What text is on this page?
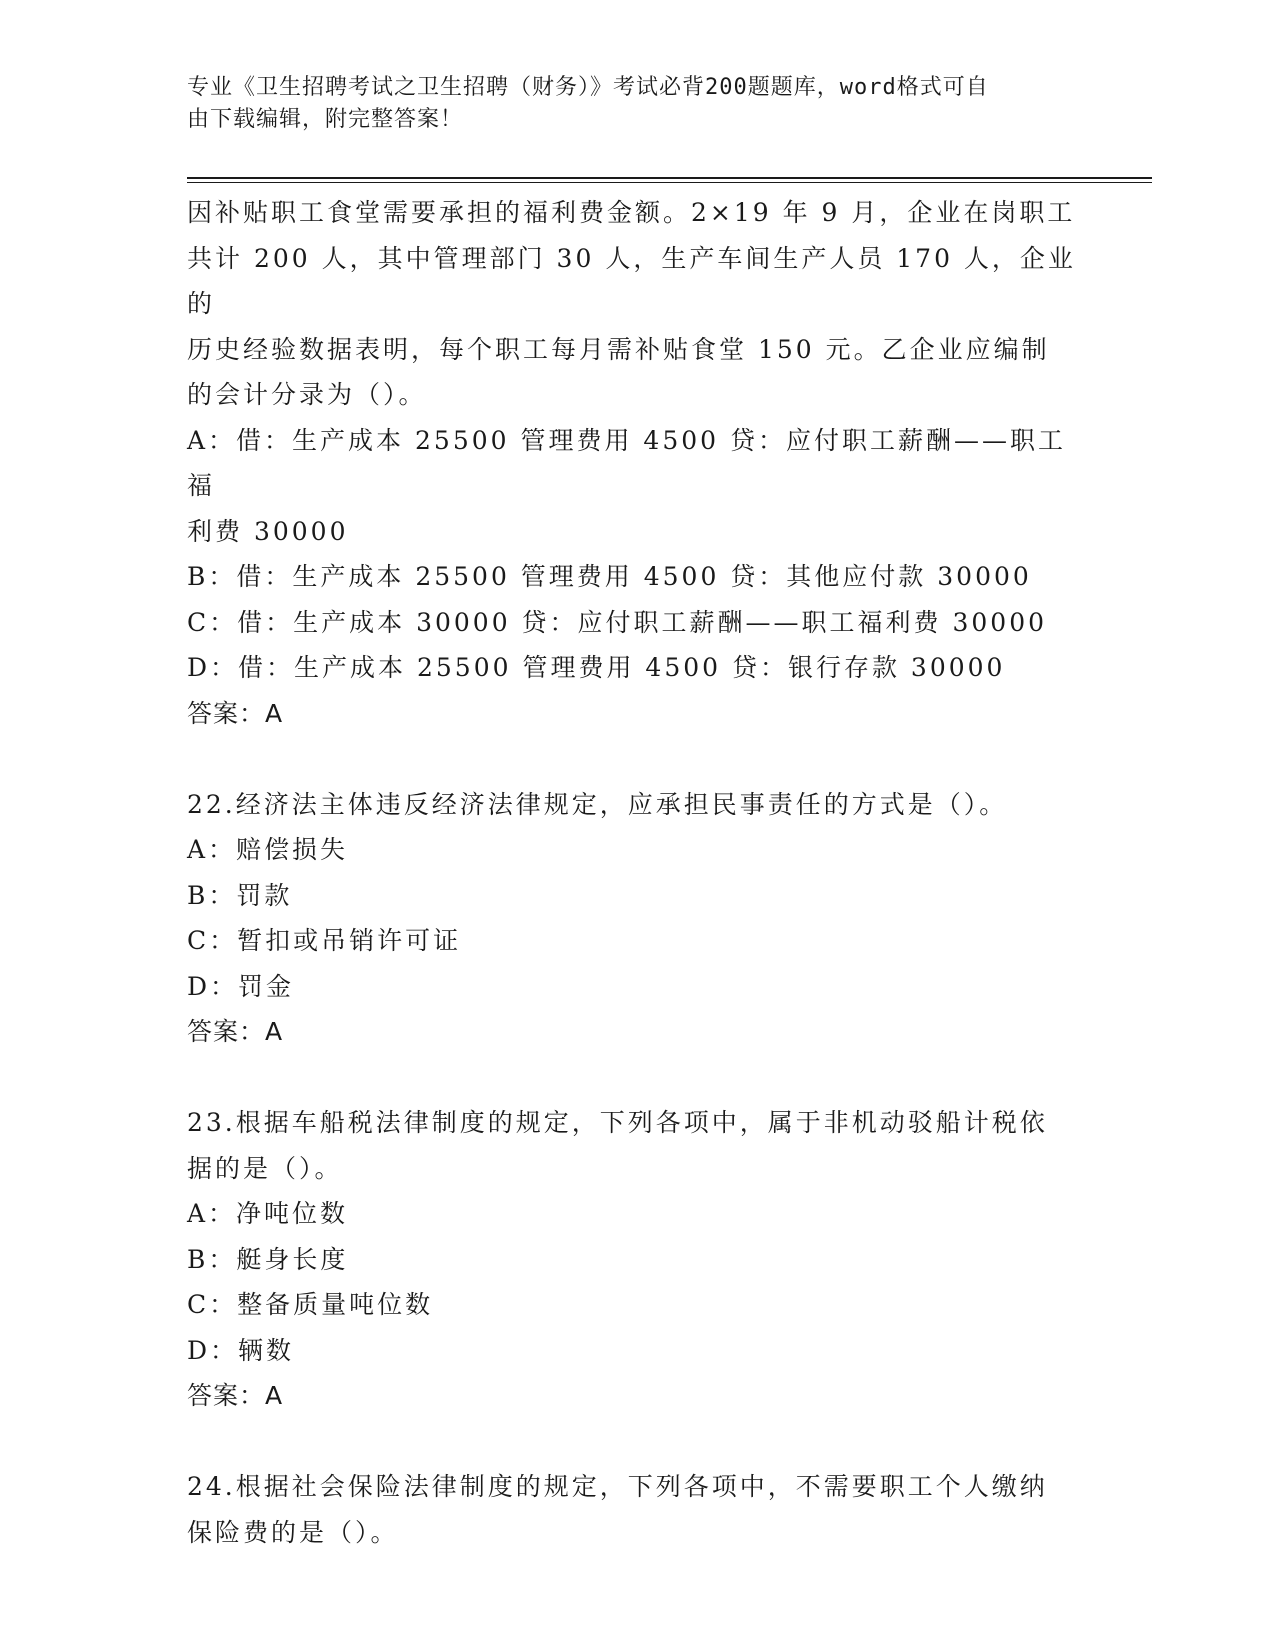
专业《卫生招聘考试之卫生招聘（财务）》考试必背200题题库，word格式可自
由下载编辑，附完整答案！

因补贴职工食堂需要承担的福利费金额。2×19 年 9 月，企业在岗职工

共计 200 人，其中管理部门 30 人，生产车间生产人员 170 人，企业的

历史经验数据表明，每个职工每月需补贴食堂 150 元。乙企业应编制

的会计分录为（）。

A：借：生产成本 25500 管理费用 4500 贷：应付职工薪酬——职工福

利费 30000

B：借：生产成本 25500 管理费用 4500 贷：其他应付款 30000

C：借：生产成本 30000 贷：应付职工薪酬——职工福利费 30000

D：借：生产成本 25500 管理费用 4500 贷：银行存款 30000

答案：A

22.经济法主体违反经济法律规定，应承担民事责任的方式是（）。

A：赔偿损失

B：罚款

C：暂扣或吊销许可证

D：罚金

答案：A

23.根据车船税法律制度的规定，下列各项中，属于非机动驳船计税依

据的是（）。

A：净吨位数

B：艇身长度

C：整备质量吨位数

D：辆数

答案：A

24.根据社会保险法律制度的规定，下列各项中，不需要职工个人缴纳

保险费的是（）。
